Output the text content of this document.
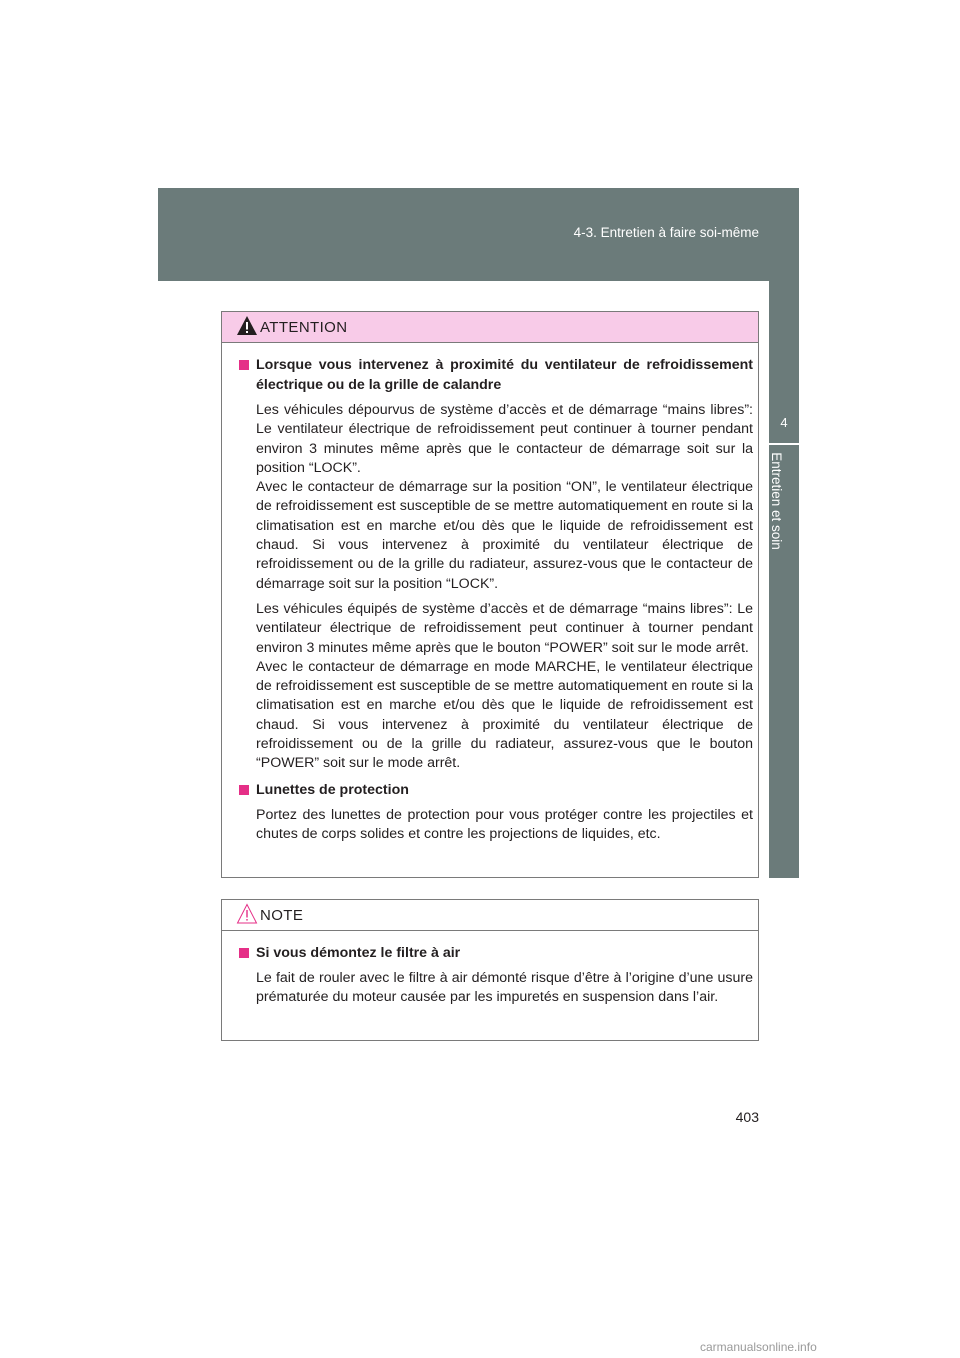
4-3. Entretien à faire soi-même
4
Entretien et soin
ATTENTION
Lorsque vous intervenez à proximité du ventilateur de refroidissement électrique ou de la grille de calandre
Les véhicules dépourvus de système d’accès et de démarrage “mains libres”: Le ventilateur électrique de refroidissement peut continuer à tourner pendant environ 3 minutes même après que le contacteur de démarrage soit sur la position “LOCK”.
Avec le contacteur de démarrage sur la position “ON”, le ventilateur électrique de refroidissement est susceptible de se mettre automatiquement en route si la climatisation est en marche et/ou dès que le liquide de refroidissement est chaud. Si vous intervenez à proximité du ventilateur électrique de refroidissement ou de la grille du radiateur, assurez-vous que le contacteur de démarrage soit sur la position “LOCK”.
Les véhicules équipés de système d’accès et de démarrage “mains libres”: Le ventilateur électrique de refroidissement peut continuer à tourner pendant environ 3 minutes même après que le bouton “POWER” soit sur le mode arrêt.
Avec le contacteur de démarrage en mode MARCHE, le ventilateur électrique de refroidissement est susceptible de se mettre automatiquement en route si la climatisation est en marche et/ou dès que le liquide de refroidissement est chaud. Si vous intervenez à proximité du ventilateur électrique de refroidissement ou de la grille du radiateur, assurez-vous que le bouton “POWER” soit sur le mode arrêt.
Lunettes de protection
Portez des lunettes de protection pour vous protéger contre les projectiles et chutes de corps solides et contre les projections de liquides, etc.
NOTE
Si vous démontez le filtre à air
Le fait de rouler avec le filtre à air démonté risque d’être à l’origine d’une usure prématurée du moteur causée par les impuretés en suspension dans l’air.
403
carmanualsonline.info
